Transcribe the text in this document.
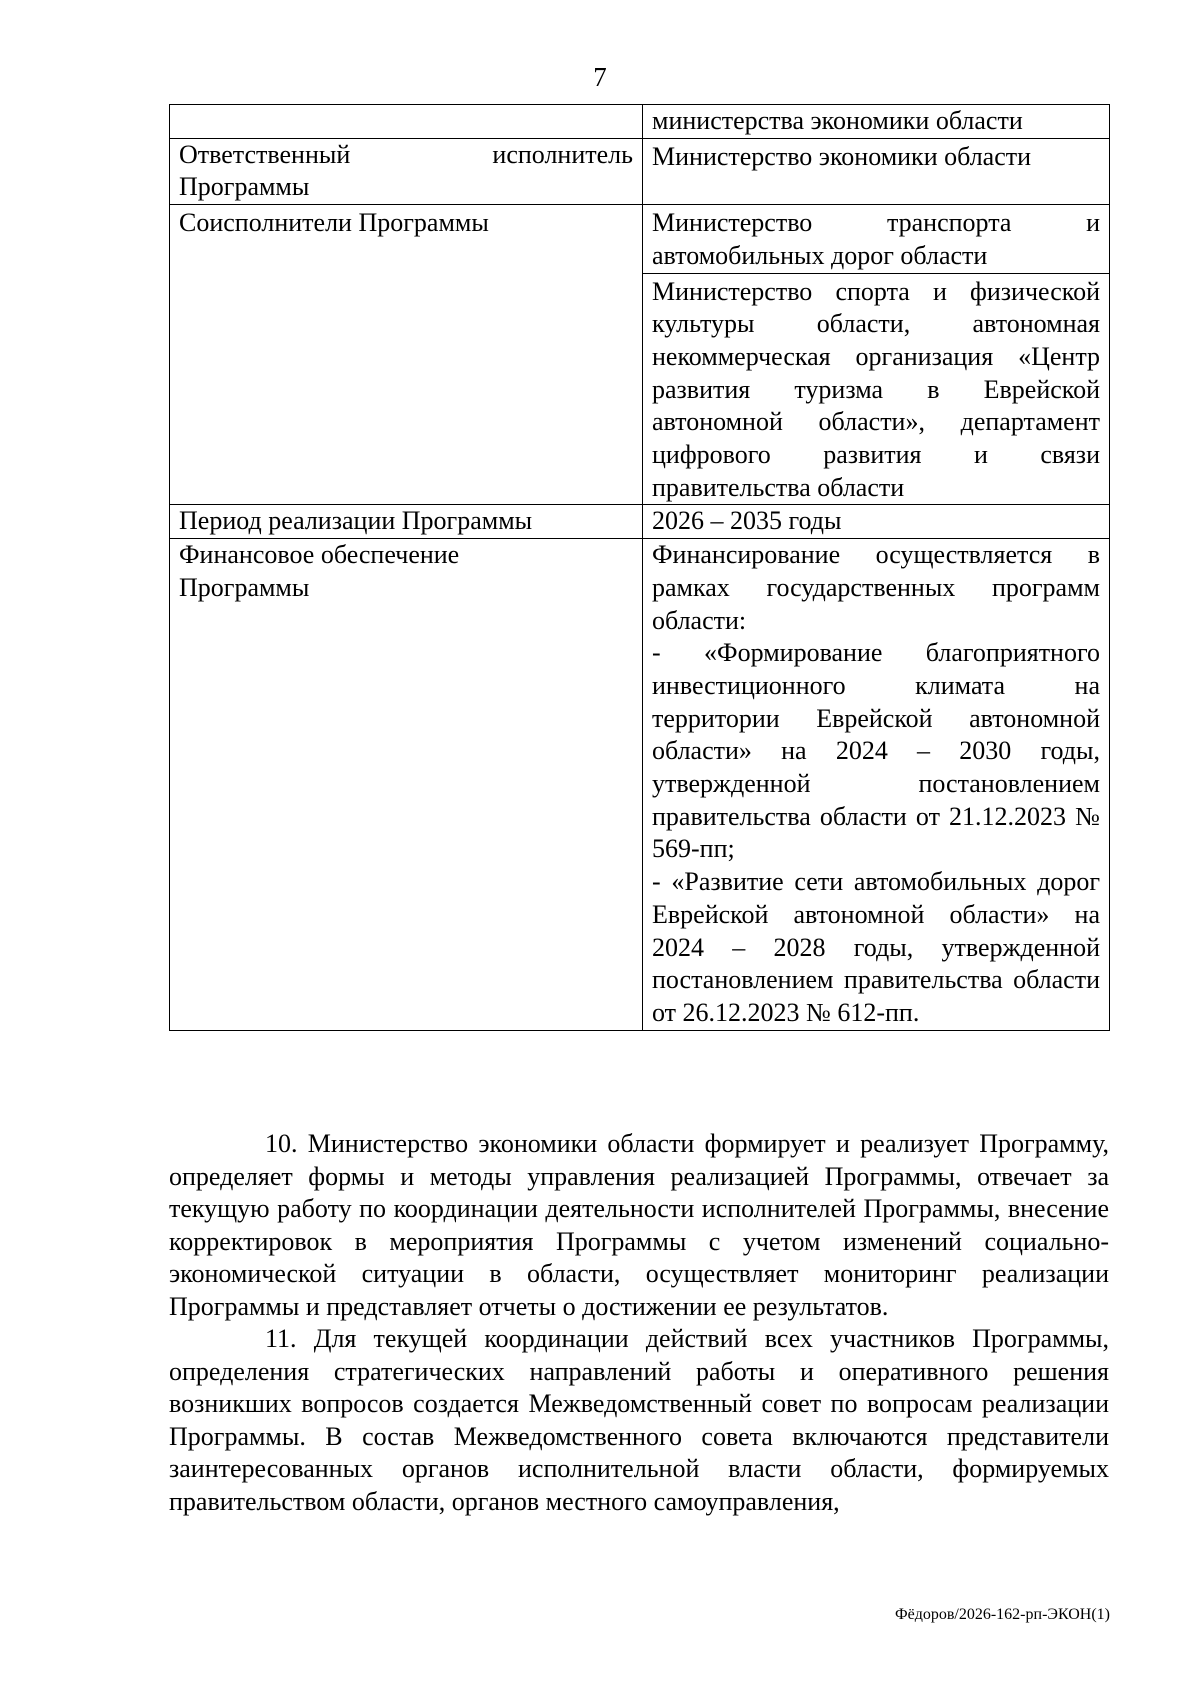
7
	министерства экономики области

Ответственный исполнитель
Программы	Министерство экономики области
Соисполнители Программы	Министерство транспорта и
автомобильных дорог области

	Министерство спорта и физической культуры области, автономная некоммерческая организация «Центр развития туризма в Еврейской автономной области», департамент цифрового развития и связи правительства области
Период реализации Программы	2026 – 2035 годы
Финансовое обеспечение Программы	Финансирование осуществляется в рамках государственных программ области:
- «Формирование благоприятного инвестиционного климата на территории Еврейской автономной области» на 2024 – 2030 годы, утвержденной постановлением правительства области от 21.12.2023 № 569-пп;
- «Развитие сети автомобильных дорог Еврейской автономной области» на 2024 – 2028 годы, утвержденной постановлением правительства области от 26.12.2023 № 612-пп.

10. Министерство экономики области формирует и реализует Программу, определяет формы и методы управления реализацией Программы, отвечает за текущую работу по координации деятельности исполнителей Программы, внесение корректировок в мероприятия Программы с учетом изменений социально-экономической ситуации в области, осуществляет мониторинг реализации Программы и представляет отчеты о достижении ее результатов.

11. Для текущей координации действий всех участников Программы, определения стратегических направлений работы и оперативного решения возникших вопросов создается Межведомственный совет по вопросам реализации Программы. В состав Межведомственного совета включаются представители заинтересованных органов исполнительной власти области, формируемых правительством области, органов местного самоуправления,

Фёдоров/2026-162-рп-ЭКОН(1)
